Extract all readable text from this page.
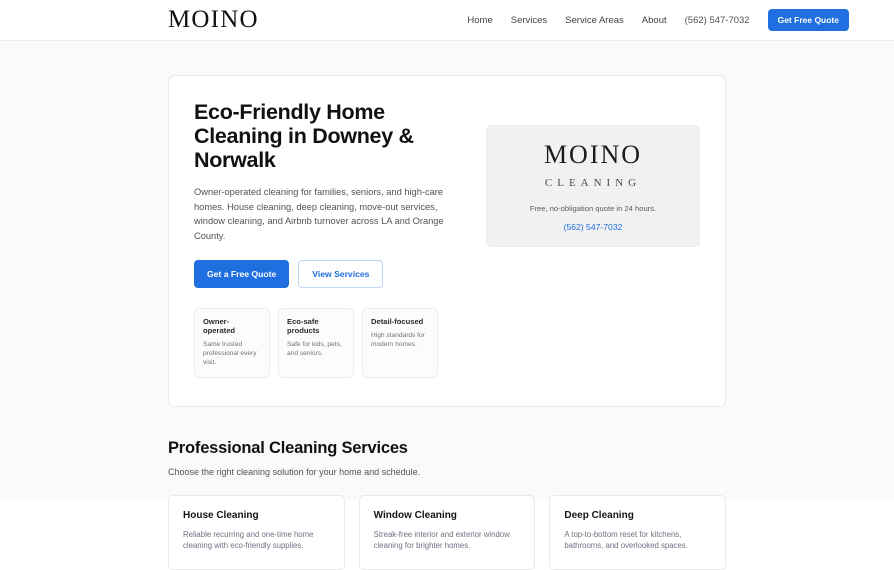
MOINO	Home Services Service Areas About (562) 547-7032	Get Free Quote
Eco-Friendly Home Cleaning in Downey & Norwalk
Owner-operated cleaning for families, seniors, and high-care homes. House cleaning, deep cleaning, move-out services, window cleaning, and Airbnb turnover across LA and Orange County.
Get a Free Quote	View Services
Owner-operated
Same trusted professional every visit.
Eco-safe products
Safe for kids, pets, and seniors.
Detail-focused
High standards for modern homes.
MOINO
CLEANING
Free, no-obligation quote in 24 hours.
(562) 547-7032
Professional Cleaning Services
Choose the right cleaning solution for your home and schedule.
House Cleaning
Reliable recurring and one-time home cleaning with eco-friendly supplies.
Window Cleaning
Streak-free interior and exterior window cleaning for brighter homes.
Deep Cleaning
A top-to-bottom reset for kitchens, bathrooms, and overlooked spaces.
